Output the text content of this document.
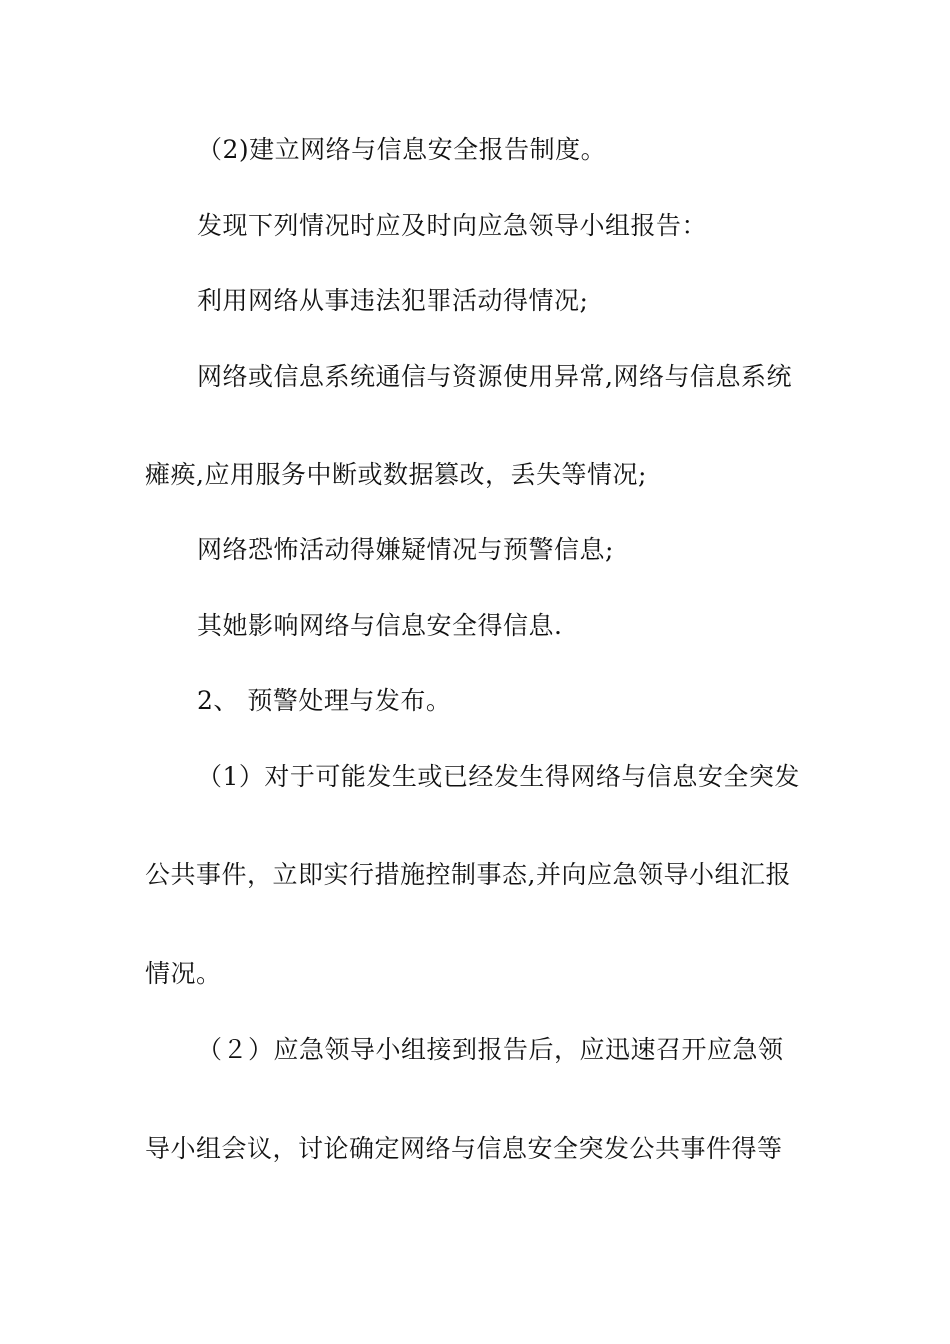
（2)建立网络与信息安全报告制度。
发现下列情况时应及时向应急领导小组报告：
利用网络从事违法犯罪活动得情况;
网络或信息系统通信与资源使用异常,网络与信息系统
瘫痪,应用服务中断或数据篡改，丢失等情况;
网络恐怖活动得嫌疑情况与预警信息;
其她影响网络与信息安全得信息.
2、 预警处理与发布。
（1）对于可能发生或已经发生得网络与信息安全突发
公共事件，立即实行措施控制事态,并向应急领导小组汇报
情况。
（２）应急领导小组接到报告后，应迅速召开应急领
导小组会议，讨论确定网络与信息安全突发公共事件得等
